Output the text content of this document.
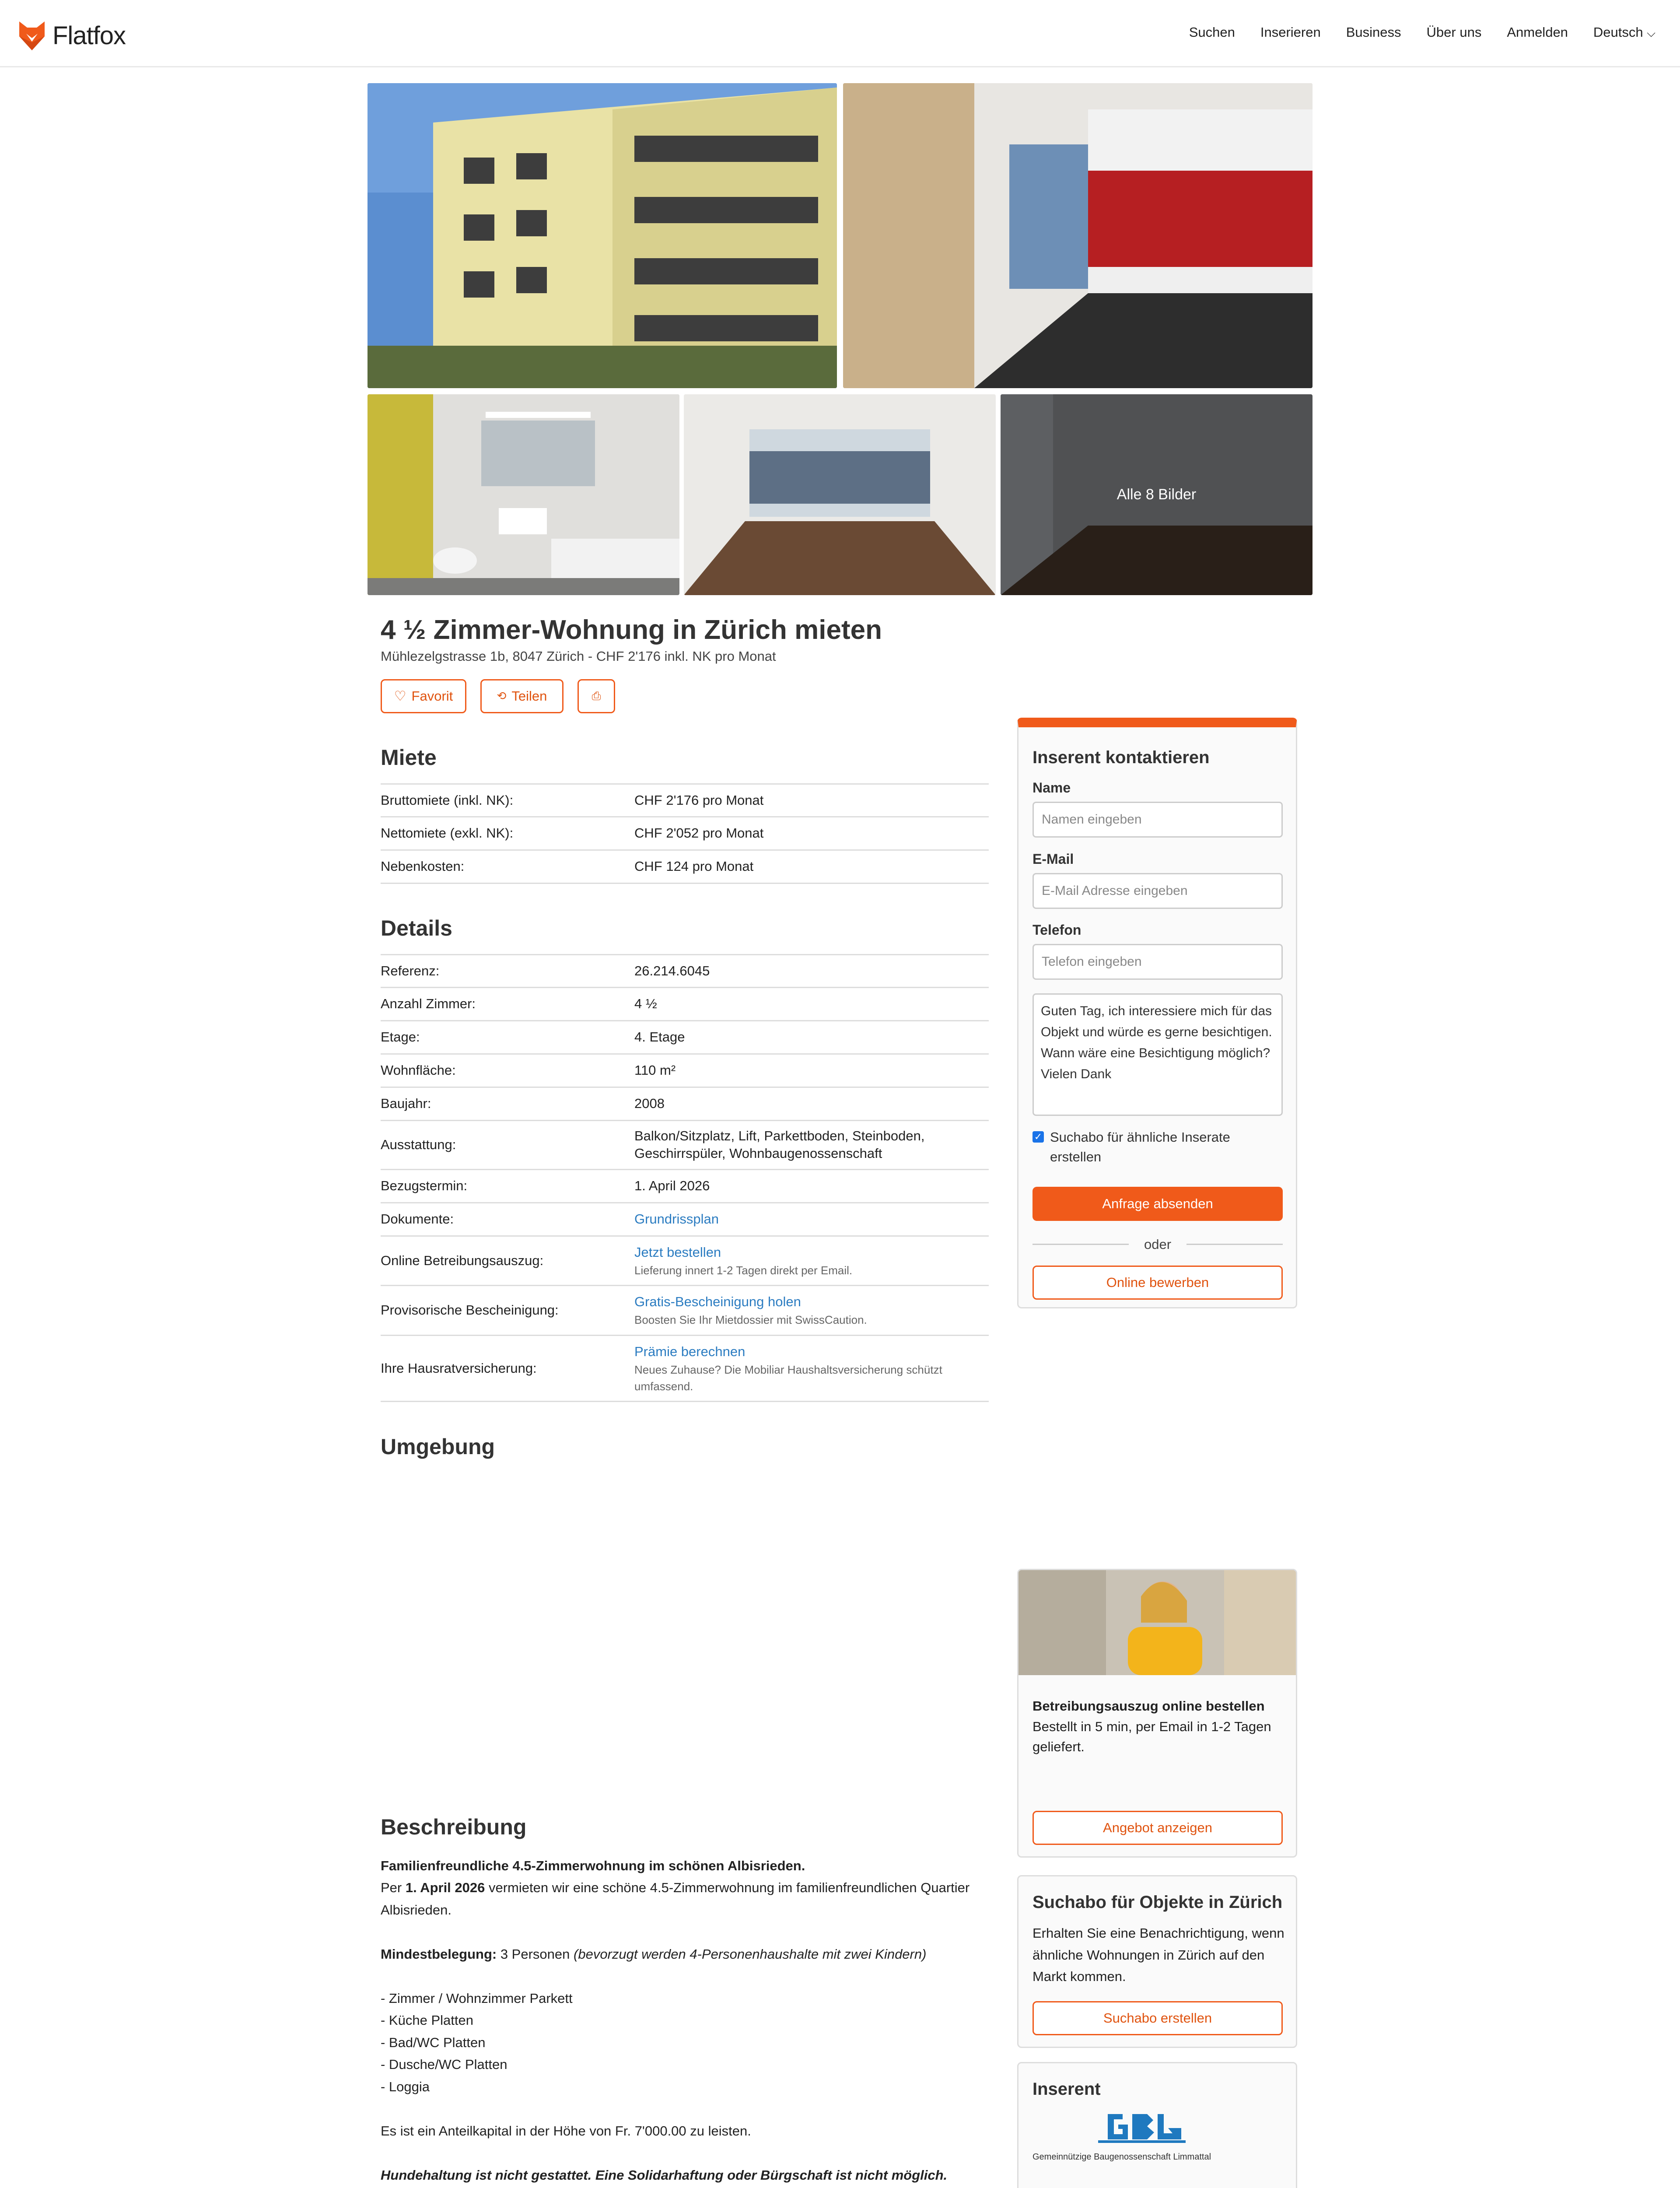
Flatfox	Suchen Inserieren Business Über uns Anmelden Deutsch ⌵
Alle 8 Bilder
4 ½ Zimmer-Wohnung in Zürich mieten
Mühlezelgstrasse 1b, 8047 Zürich - CHF 2'176 inkl. NK pro Monat
♡ Favorit	⟲ Teilen	⎙
Miete
Bruttomiete (inkl. NK):	CHF 2'176 pro Monat
Nettomiete (exkl. NK):	CHF 2'052 pro Monat
Nebenkosten:	CHF 124 pro Monat
Details
Referenz:	26.214.6045
Anzahl Zimmer:	4 ½
Etage:	4. Etage
Wohnfläche:	110 m²
Baujahr:	2008
Ausstattung:	Balkon/Sitzplatz, Lift, Parkettboden, Steinboden, Geschirrspüler, Wohnbaugenossenschaft
Bezugstermin:	1. April 2026
Dokumente:	Grundrissplan
Online Betreibungsauszug:	Jetzt bestellen
Lieferung innert 1-2 Tagen direkt per Email.

Provisorische Bescheinigung:	Gratis-Bescheinigung holen
Boosten Sie Ihr Mietdossier mit SwissCaution.

Ihre Hausratversicherung:	Prämie berechnen
Neues Zuhause? Die Mobiliar Haushaltsversicherung schützt umfassend.
Umgebung
Beschreibung

Familienfreundliche 4.5-Zimmerwohnung im schönen Albisrieden.

Per 1. April 2026 vermieten wir eine schöne 4.5-Zimmerwohnung im familienfreundlichen Quartier Albisrieden.

Mindestbelegung: 3 Personen (bevorzugt werden 4-Personenhaushalte mit zwei Kindern)

- Zimmer / Wohnzimmer Parkett

- Küche Platten

- Bad/WC Platten

- Dusche/WC Platten

- Loggia

Es ist ein Anteilkapital in der Höhe von Fr. 7'000.00 zu leisten.

Hundehaltung ist nicht gestattet. Eine Solidarhaftung oder Bürgschaft ist nicht möglich.

Inserent kontaktieren
Name
Namen eingeben
E-Mail
E-Mail Adresse eingeben
Telefon
Telefon eingeben
Guten Tag, ich interessiere mich für das Objekt und würde es gerne besichtigen. Wann wäre eine Besichtigung möglich? Vielen Dank
✓ Suchabo für ähnliche Inserate erstellen
Anfrage absenden
oder
Online bewerben
Betreibungsauszug online bestellen
Bestellt in 5 min, per Email in 1-2 Tagen geliefert.
Angebot anzeigen
Suchabo für Objekte in Zürich
Erhalten Sie eine Benachrichtigung, wenn ähnliche Wohnungen in Zürich auf den Markt kommen.
Suchabo erstellen
Inserent
Gemeinnützige Baugenossenschaft Limmattal
